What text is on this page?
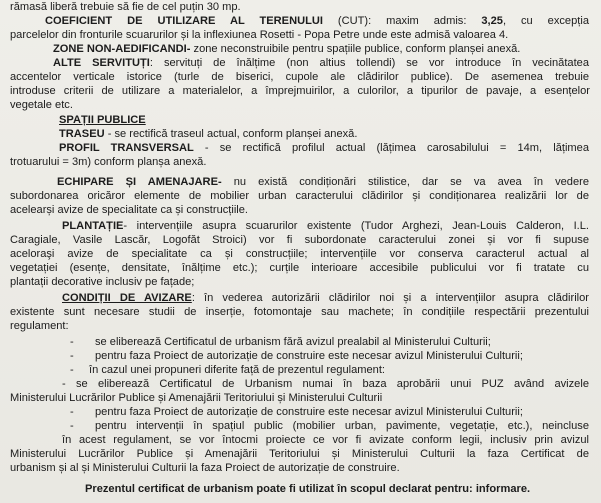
rămasă liberă trebuie să fie de cel puțin 30 mp.
COEFICIENT DE UTILIZARE AL TERENULUI (CUT): maxim admis: 3,25, cu excepția
parcelelor din fronturile scuarurilor și la inflexiunea Rosetti - Popa Petre unde este admisă valoarea 4.
ZONE NON-AEDIFICANDI- zone neconstruibile pentru spațiile publice, conform planșei anexă.
ALTE SERVITUȚI: servituți de înălțime (non altius tollendi) se vor introduce în vecinătatea
accentelor verticale istorice (turle de biserici, cupole ale clădirilor publice). De asemenea trebuie
introduse criterii de utilizare a materialelor, a împrejmuirilor, a culorilor, a tipurilor de pavaje, a esențelor
vegetale etc.
SPAȚII PUBLICE
TRASEU - se rectifică traseul actual, conform planșei anexă.
PROFIL TRANSVERSAL - se rectifică profilul actual (lățimea carosabilului = 14m, lățimea
trotuarului = 3m) conform planșa anexă.
ECHIPARE ȘI AMENAJARE- nu există condiționări stilistice, dar se va avea în vedere
subordonarea oricăror elemente de mobilier urban caracterului clădirilor și condiționarea realizării lor de
acelearși avize de specialitate ca și construcțiile.
PLANTAȚIE- intervențiile asupra scuarurilor existente (Tudor Arghezi, Jean-Louis Calderon, I.L.
Caragiale, Vasile Lascăr, Logofăt Stroici) vor fi subordonate caracterului zonei și vor fi supuse
aceloraşi avize de specialitate ca și construcțiile; intervențiile vor conserva caracterul actual al
vegetației (esențe, densitate, înălțime etc.); curțile interioare accesibile publicului vor fi tratate cu
plantații decorative inclusiv pe fațade;
CONDIȚII DE AVIZARE: în vederea autorizării clădirilor noi și a intervențiilor asupra clădirilor
existente sunt necesare studii de inserție, fotomontaje sau machete; în condițiile respectării prezentului
regulament:
- se eliberează Certificatul de urbanism fără avizul prealabil al Ministerului Culturii;
- pentru faza Proiect de autorizație de construire este necesar avizul Ministerului Culturii;
- în cazul unei propuneri diferite față de prezentul regulament:
- se eliberează Certificatul de Urbanism numai în baza aprobării unui PUZ având avizele
Ministerului Lucrărilor Publice și Amenajării Teritoriului și Ministerului Culturii
- pentru faza Proiect de autorizație de construire este necesar avizul Ministerului Culturii;
- pentru intervenții în spațiul public (mobilier urban, pavimente, vegetație, etc.), neincluse
în acest regulament, se vor întocmi proiecte ce vor fi avizate conform legii, inclusiv prin avizul
Ministerului Lucrărilor Publice și Amenajării Teritoriului și Ministerului Culturii la faza Certificat de
urbanism și al și Ministerului Culturii la faza Proiect de autorizație de construire.
Prezentul certificat de urbanism poate fi utilizat în scopul declarat pentru: informare.
